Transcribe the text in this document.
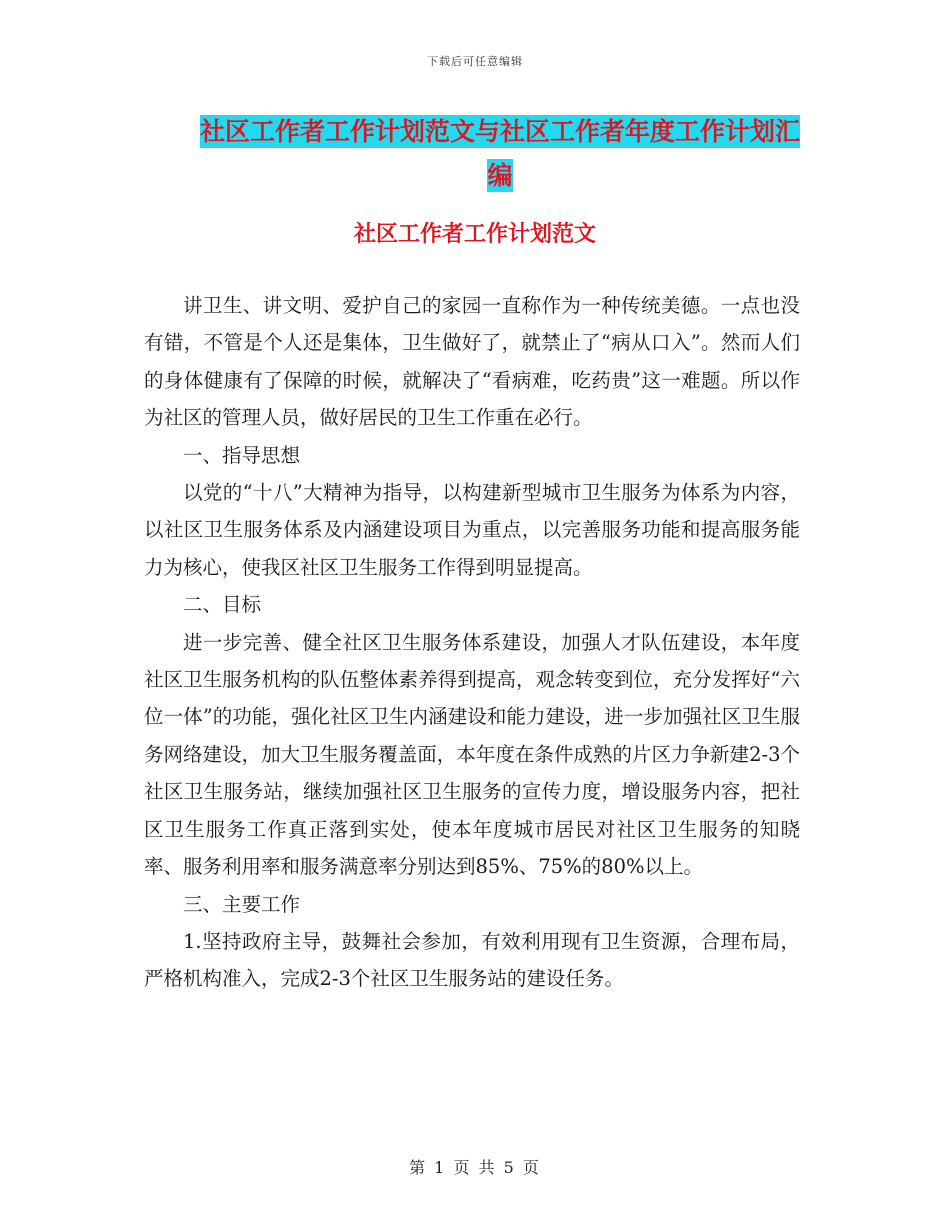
下载后可任意编辑
社区工作者工作计划范文与社区工作者年度工作计划汇编
社区工作者工作计划范文

讲卫生、讲文明、爱护自己的家园一直称作为一种传统美德。一点也没有错，不管是个人还是集体，卫生做好了，就禁止了“病从口入”。然而人们的身体健康有了保障的时候，就解决了“看病难，吃药贵”这一难题。所以作为社区的管理人员，做好居民的卫生工作重在必行。

一、指导思想

以党的“十八”大精神为指导，以构建新型城市卫生服务为体系为内容，以社区卫生服务体系及内涵建设项目为重点，以完善服务功能和提高服务能力为核心，使我区社区卫生服务工作得到明显提高。

二、目标

进一步完善、健全社区卫生服务体系建设，加强人才队伍建设，本年度社区卫生服务机构的队伍整体素养得到提高，观念转变到位，充分发挥好“六位一体”的功能，强化社区卫生内涵建设和能力建设，进一步加强社区卫生服务网络建设，加大卫生服务覆盖面，本年度在条件成熟的片区力争新建2-3个社区卫生服务站，继续加强社区卫生服务的宣传力度，增设服务内容，把社区卫生服务工作真正落到实处，使本年度城市居民对社区卫生服务的知晓率、服务利用率和服务满意率分别达到85%、75%的80%以上。

三、主要工作

1.坚持政府主导，鼓舞社会参加，有效利用现有卫生资源，合理布局，严格机构准入，完成2-3个社区卫生服务站的建设任务。

第 1 页 共 5 页
